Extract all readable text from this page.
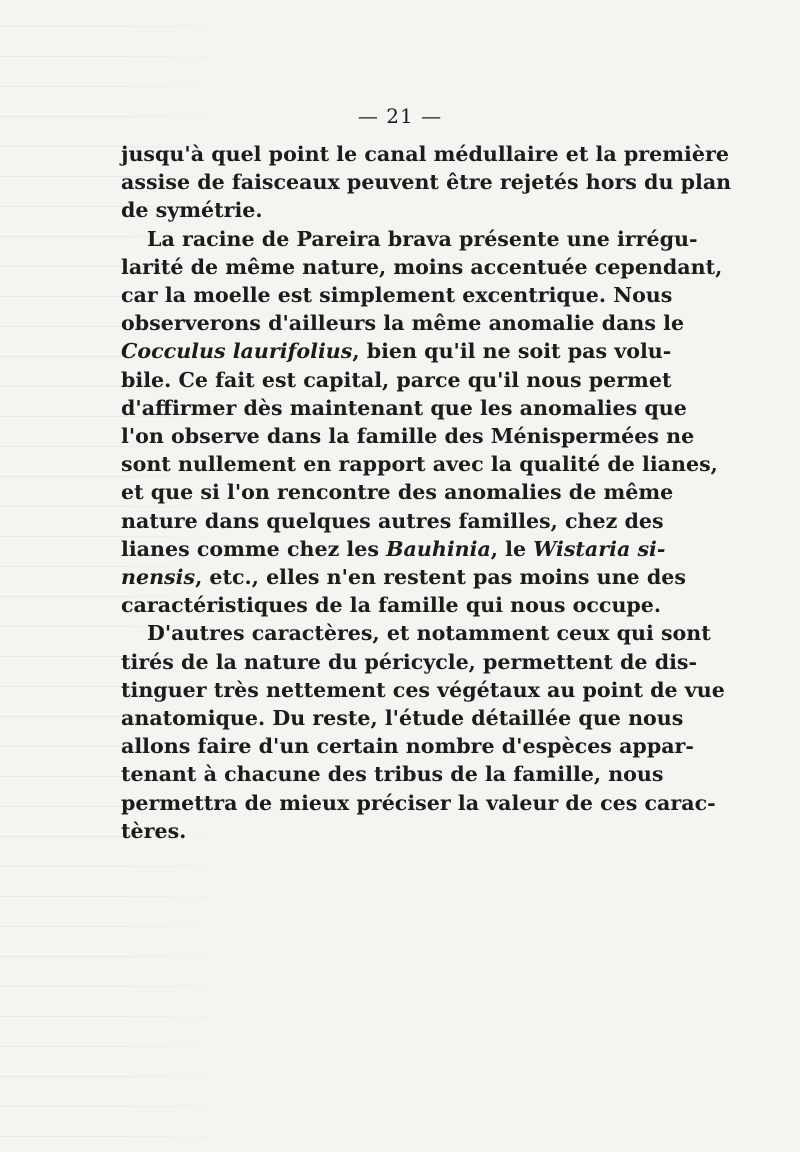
— 21 —
jusqu'à quel point le canal médullaire et la première
assise de faisceaux peuvent être rejetés hors du plan
de symétrie.
La racine de Pareira brava présente une irrégu-
larité de même nature, moins accentuée cependant,
car la moelle est simplement excentrique. Nous
observerons d'ailleurs la même anomalie dans le
Cocculus laurifolius, bien qu'il ne soit pas volu-
bile. Ce fait est capital, parce qu'il nous permet
d'affirmer dès maintenant que les anomalies que
l'on observe dans la famille des Ménispermées ne
sont nullement en rapport avec la qualité de lianes,
et que si l'on rencontre des anomalies de même
nature dans quelques autres familles, chez des
lianes comme chez les Bauhinia, le Wistaria si-
nensis, etc., elles n'en restent pas moins une des
caractéristiques de la famille qui nous occupe.
D'autres caractères, et notamment ceux qui sont
tirés de la nature du péricycle, permettent de dis-
tinguer très nettement ces végétaux au point de vue
anatomique. Du reste, l'étude détaillée que nous
allons faire d'un certain nombre d'espèces appar-
tenant à chacune des tribus de la famille, nous
permettra de mieux préciser la valeur de ces carac-
tères.
